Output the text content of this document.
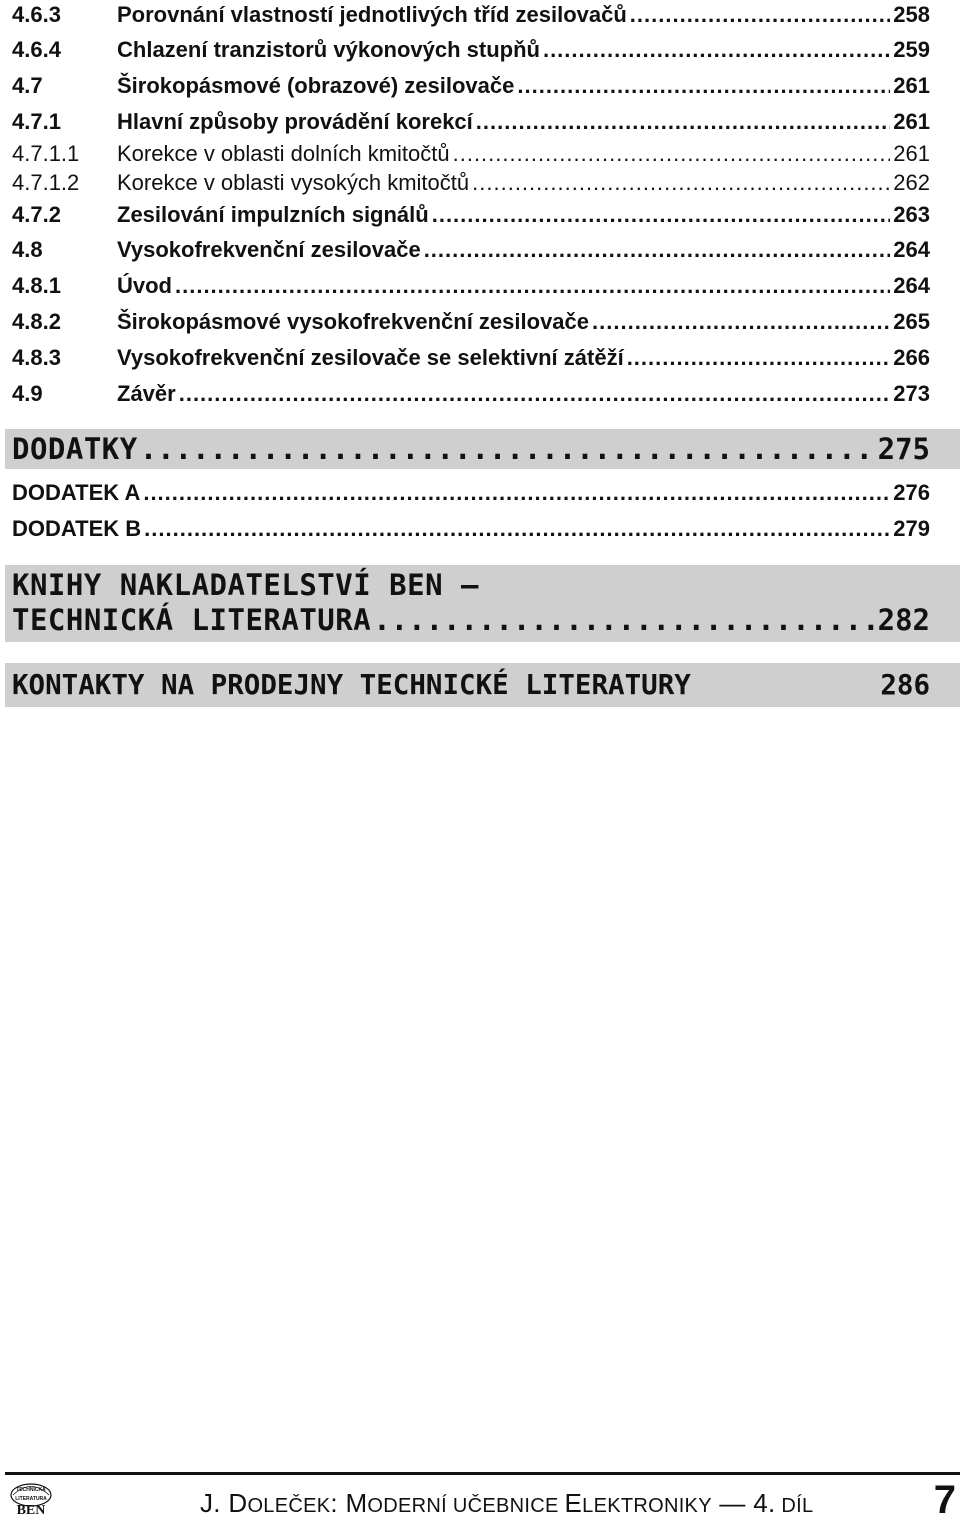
4.6.3	Porovnání vlastností jednotlivých tříd zesilovačů .....	258
4.6.4	Chlazení tranzistorů výkonových stupňů .....	259
4.7	Širokopásmové (obrazové) zesilovače .....	261
4.7.1	Hlavní způsoby provádění korekcí .....	261
4.7.1.1	Korekce v oblasti dolních kmitočtů .....	261
4.7.1.2	Korekce v oblasti vysokých kmitočtů .....	262
4.7.2	Zesilování impulzních signálů .....	263
4.8	Vysokofrekvenční zesilovače .....	264
4.8.1	Úvod .....	264
4.8.2	Širokopásmové vysokofrekvenční zesilovače .....	265
4.8.3	Vysokofrekvenční zesilovače se selektivní zátěží .....	266
4.9	Závěr .....	273
DODATKY .....	275
DODATEK A .....	276
DODATEK B .....	279
KNIHY NAKLADATELSTVÍ BEN –
TECHNICKÁ LITERATURA .....	282
KONTAKTY NA PRODEJNY TECHNICKÉ LITERATURY	286
TECHNICKÁ
LITERATURA
BEN	J. DOLEČEK: MODERNÍ UČEBNICE ELEKTRONIKY — 4. DÍL	7
